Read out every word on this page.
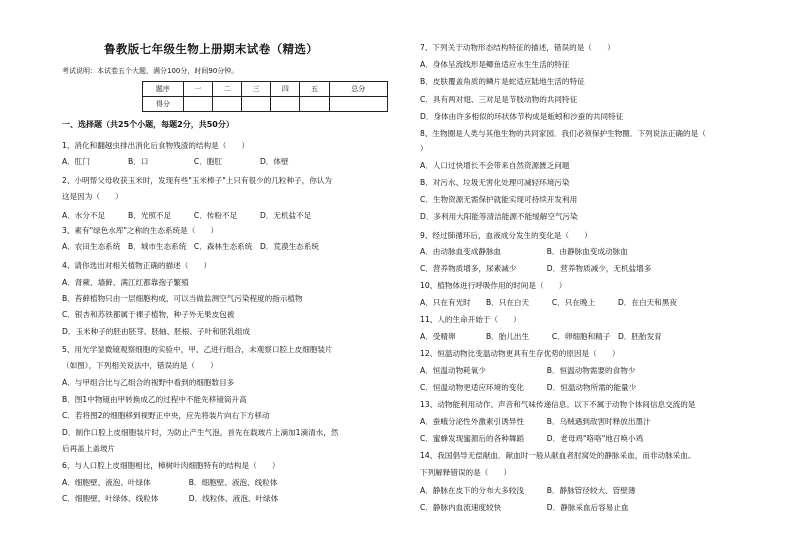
鲁教版七年级生物上册期末试卷（精选）
考试说明：本试卷五个大题，满分100分，时间90分钟。
题序	一	二	三	四	五	总分
得分						
一、选择题（共25个小题，每题2分，共50分）
1、消化和翻越虫排出消化后食物残渣的结构是（　　）
A．肛门　　　　　B．口　　　　　　C．胞肛　　　　　D．体壁
2、小明帮父母收获玉米时，发现有些"玉米棒子"上只有很少的几粒种子，你认为
这是因为（　　）
A．水分不足　　　B．光照不足　　　C．传粉不足　　　D．无机盐不足
3、素有"绿色水库"之称的生态系统是（　　）
A．农田生态系统　B．城市生态系统　C．森林生态系统　D．荒漠生态系统
4、请你选出对相关植物正确的描述（　　）
A．肾蕨、墙藓、满江红都靠孢子繁殖
B．苔藓植物只由一层细胞构成，可以当做监测空气污染程度的指示植物
C．银杏和苏铁都属于裸子植物，种子外无果皮包被
D．玉米种子的胚由胚芽、胚轴、胚根、子叶和胚乳组成
5、用光学显微镜观察细胞的实验中，甲、乙进行组合，未观察口腔上皮细胞装片
（如图），下列相关说法中，错误的是（　　）
A．与甲组合比与乙组合的视野中看到的细胞数目多
B．图1中物镜由甲转换成乙的过程中不能先移镜筒升高
C．若将图2的细胞移到视野正中央，应先将装片向右下方移动
D．制作口腔上皮细胞装片时，为防止产生气泡，首先在载玻片上滴加1滴清水，然
后再盖上盖玻片
6、与人口腔上皮细胞相比，樟树叶肉细胞特有的结构是（　　）
A．细胞壁、液泡、叶绿体　　　　　B．细胞壁、液泡、线粒体
C．细胞壁、叶绿体、线粒体　　　　D．线粒体、液泡、叶绿体
7、下列关于动物形态结构特征的描述，错误的是（　　）
A．身体呈流线形是鲫鱼适应水生生活的特征
B．皮肤覆盖角质的鳞片是蛇适应陆地生活的特征
C．具有两对翅、三对足是节肢动物的共同特征
D．身体由许多相似的环状体节构成是蚯蚓和沙蚕的共同特征
8、生物圈是人类与其他生物的共同家园．我们必须保护生物圈．下列说法正确的是（
）
A．人口过快增长不会带来自然资源匮乏问题
B．对污水、垃圾无害化处理可减轻环境污染
C．生物资源无需保护就能实现可持续开发利用
D．多利用大阳能等清洁能源不能缓解空气污染
9、经过肺循环后，血液成分发生的变化是（　　）
A．由动脉血变成静脉血　　　　　　B．由静脉血变成动脉血
C．营养物质增多，尿素减少　　　　D．营养物质减少，无机盐增多
10、植物体进行呼吸作用的时间是（　　）
A．只在有光时　　B．只在白天　　　C．只在晚上　　　D．在白天和黑夜
11、人的生命开始于（　　）
A．受精卵　　　　B．胎儿出生　　　C．卵细胞和精子　D．胚胎发育
12、恒温动物比变温动物更具有生存优势的原因是（　　）
A．恒温动物耗氧少　　　　　　　　B．恒温动物需要的食物少
C．恒温动物更适应环境的变化　　　D．恒温动物所需的能量少
13、动物能利用动作、声音和气味传递信息。以下不属于动物个体间信息交流的是
A．蚕蛾分泌性外激素引诱异性　　　B．乌贼遇到敌害时释放出墨汁
C．蜜蜂发现蜜源后的各种舞蹈　　　D．老母鸡"咯咯"地召唤小鸡
14、我国倡导无偿献血．献血时一般从献血者肘窝处的静脉采血，而非动脉采血。
下列解释错误的是（　　）
A．静脉在皮下的分布大多较浅　　　B．静脉管径较大、管壁薄
C．静脉内血流速度较快　　　　　　D．静脉采血后容易止血
